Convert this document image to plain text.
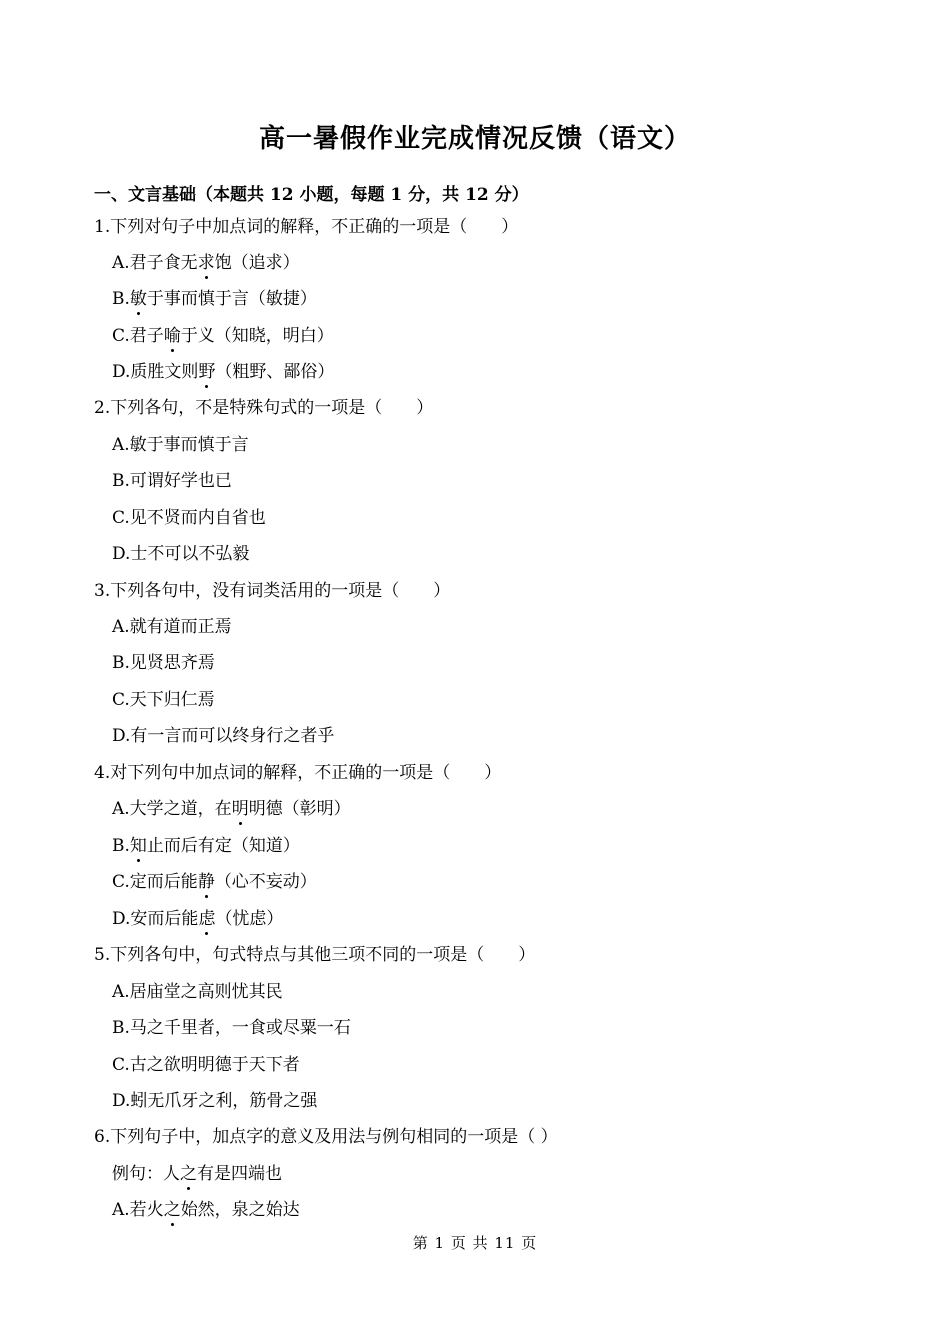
高一暑假作业完成情况反馈（语文）
一、文言基础（本题共 12 小题，每题 1 分，共 12 分）
1.下列对句子中加点词的解释，不正确的一项是（　　）
A.君子食无求饱（追求）
B.敏于事而慎于言（敏捷）
C.君子喻于义（知晓，明白）
D.质胜文则野（粗野、鄙俗）
2.下列各句，不是特殊句式的一项是（　　）
A.敏于事而慎于言
B.可谓好学也已
C.见不贤而内自省也
D.士不可以不弘毅
3.下列各句中，没有词类活用的一项是（　　）
A.就有道而正焉
B.见贤思齐焉
C.天下归仁焉
D.有一言而可以终身行之者乎
4.对下列句中加点词的解释，不正确的一项是（　　）
A.大学之道，在明明德（彰明）
B.知止而后有定（知道）
C.定而后能静（心不妄动）
D.安而后能虑（忧虑）
5.下列各句中，句式特点与其他三项不同的一项是（　　）
A.居庙堂之高则忧其民
B.马之千里者，一食或尽粟一石
C.古之欲明明德于天下者
D.蚓无爪牙之利，筋骨之强
6.下列句子中，加点字的意义及用法与例句相同的一项是（ ）
例句：人之有是四端也
A.若火之始然，泉之始达
第 1 页 共 11 页
